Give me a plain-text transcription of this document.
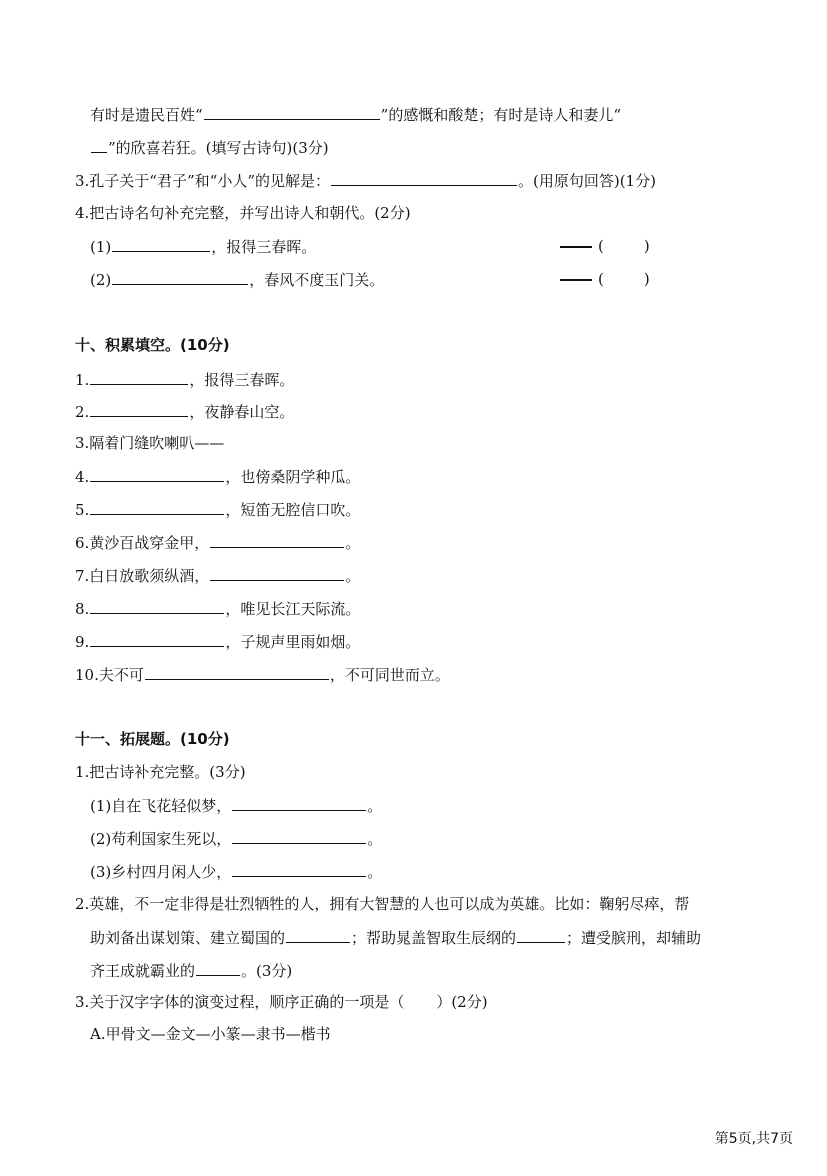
有时是遗民百姓“	”的感慨和酸楚；有时是诗人和妻儿“
”的欣喜若狂。(填写古诗句)(3分)
3.孔子关于“君子”和“小人”的见解是：	。(用原句回答)(1分)
4.把古诗名句补充完整，并写出诗人和朝代。(2分)
(1)	，报得三春晖。	(	)
(2)	，春风不度玉门关。	(	)
十、积累填空。(10分)
1.	，报得三春晖。
2.	，夜静春山空。
3.隔着门缝吹喇叭——
4.	，也傍桑阴学种瓜。
5.	，短笛无腔信口吹。
6.黄沙百战穿金甲，	。
7.白日放歌须纵酒，	。
8.	，唯见长江天际流。
9.	，子规声里雨如烟。
10.夫不可	，不可同世而立。
十一、拓展题。(10分)
1.把古诗补充完整。(3分)
(1)自在飞花轻似梦，	。
(2)苟利国家生死以，	。
(3)乡村四月闲人少，	。
2.英雄，不一定非得是壮烈牺牲的人，拥有大智慧的人也可以成为英雄。比如：鞠躬尽瘁，帮
助刘备出谋划策、建立蜀国的	；帮助晁盖智取生辰纲的	；遭受膑刑，却辅助
齐王成就霸业的	。(3分)
3.关于汉字字体的演变过程，顺序正确的一项是（ ）(2分)
A.甲骨文—金文—小篆—隶书—楷书
第5页,共7页
